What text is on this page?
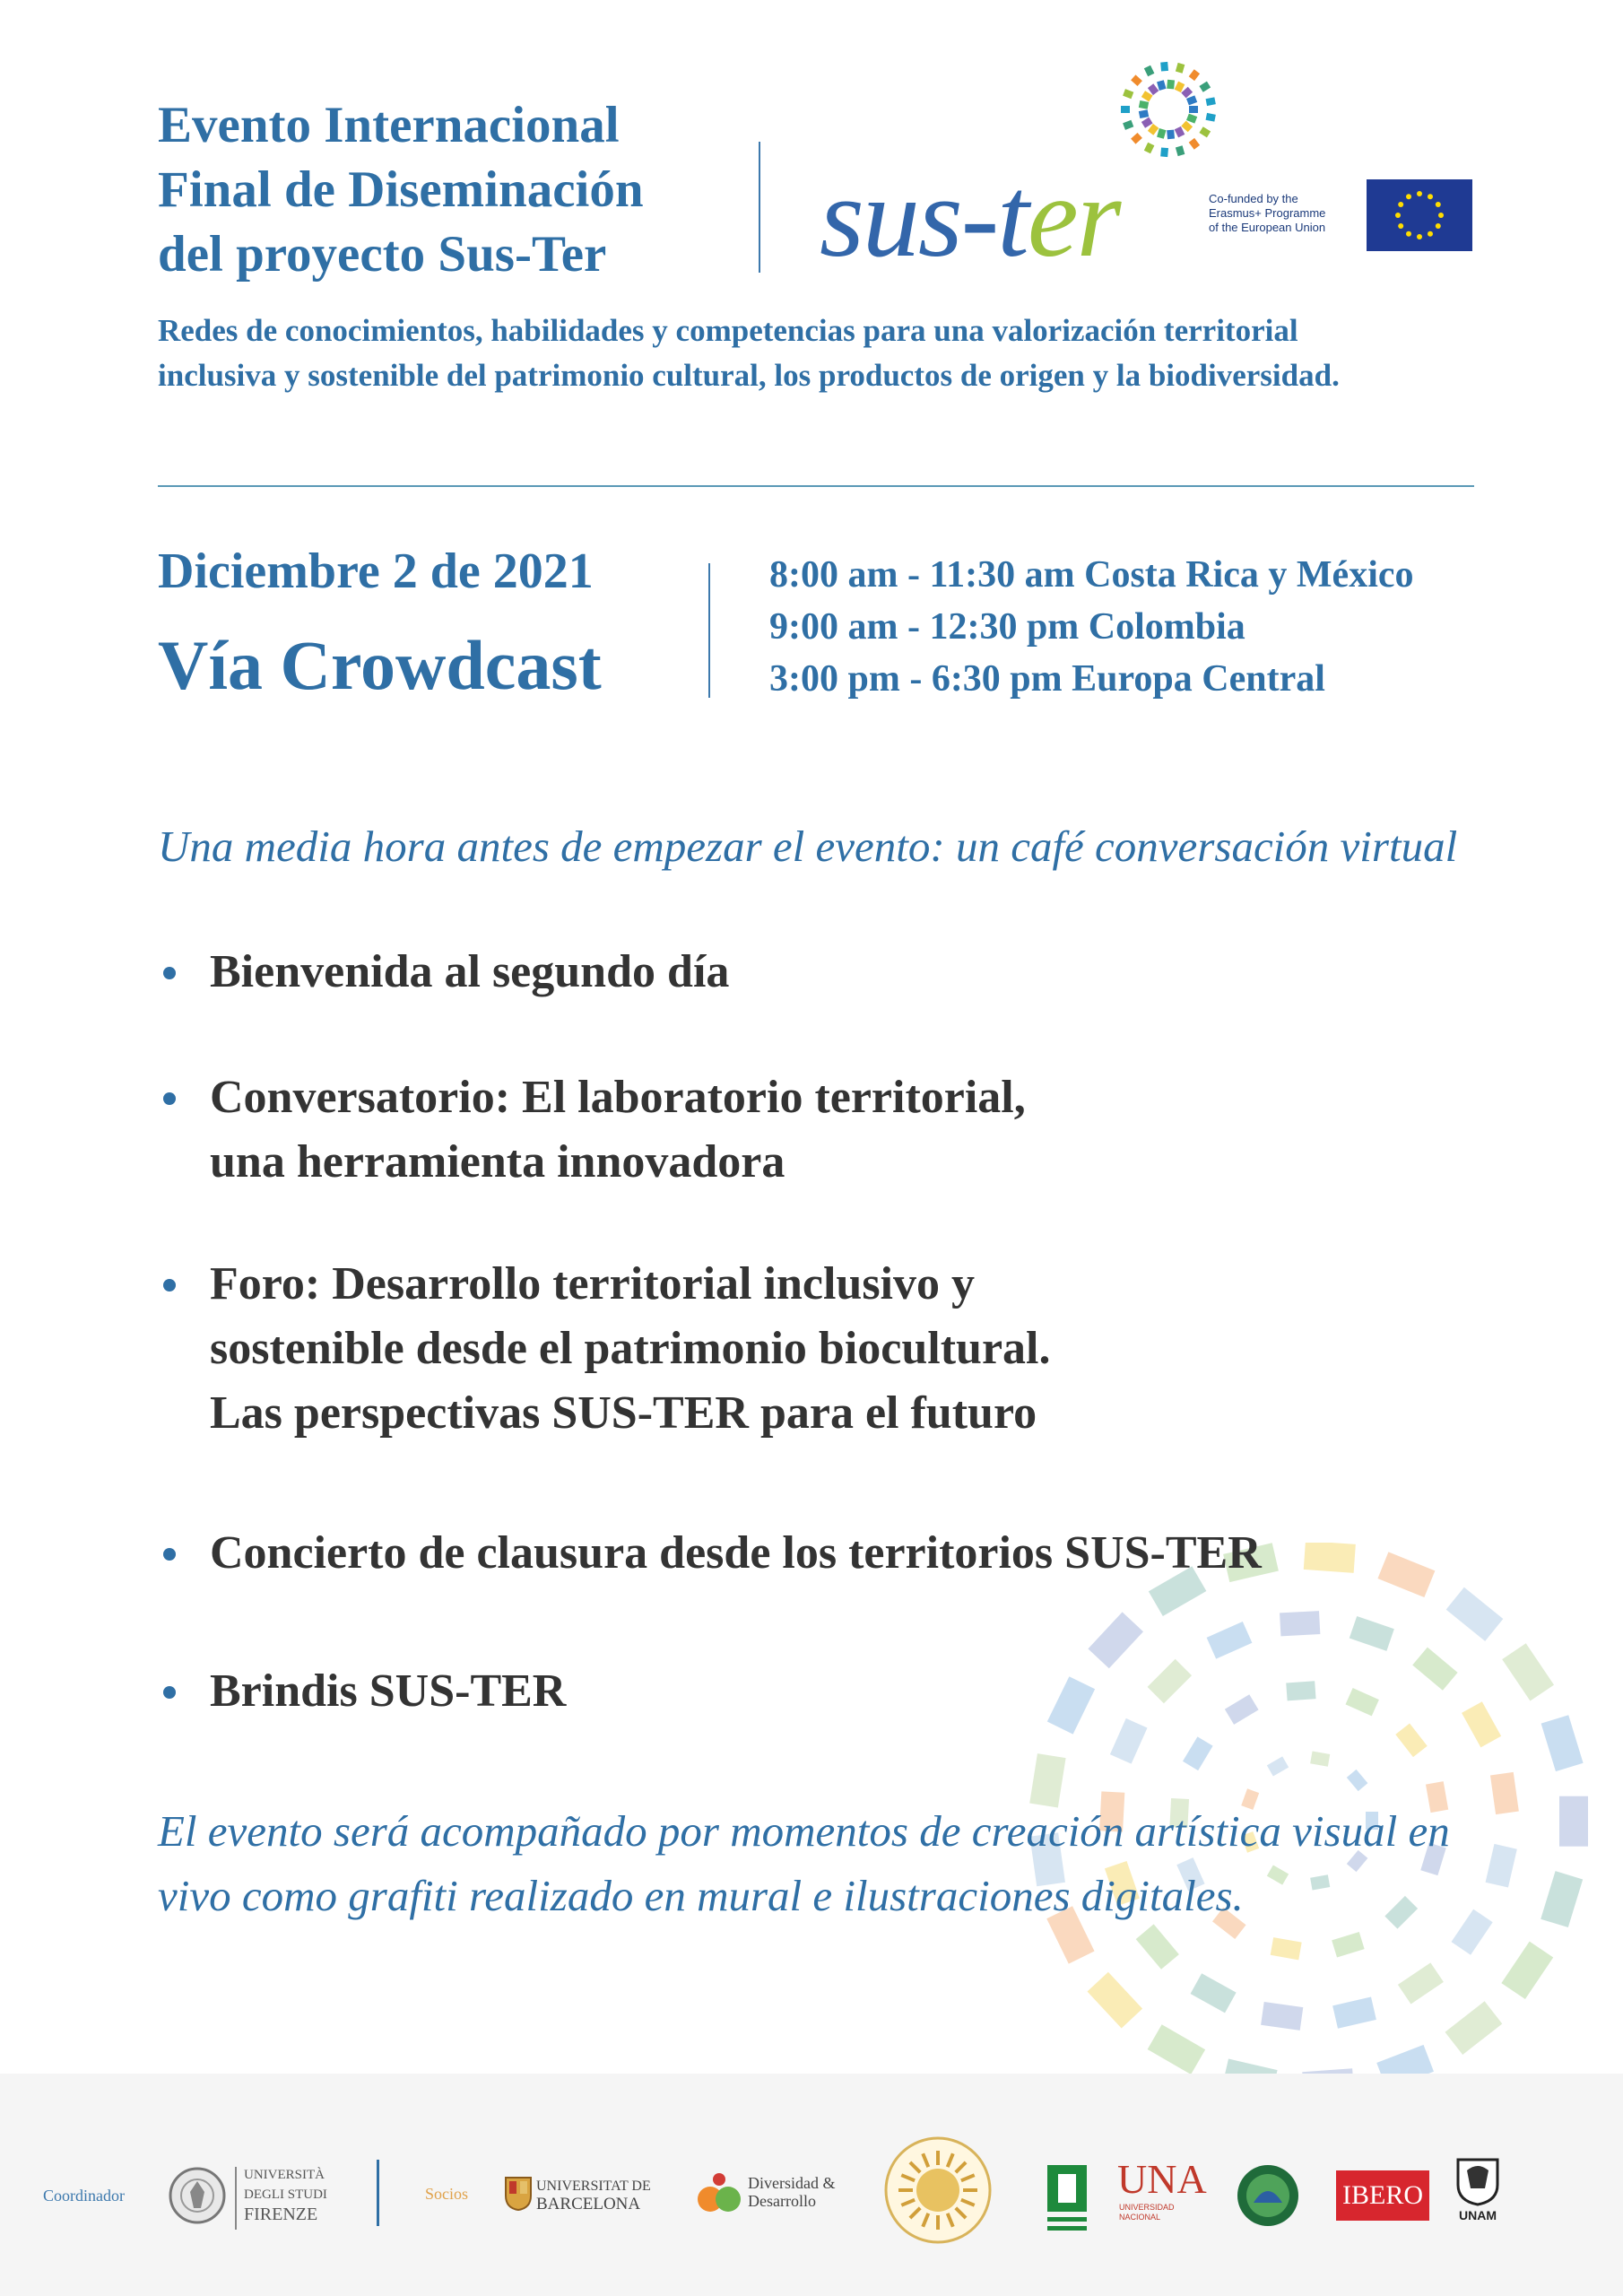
Evento Internacional
Final de Diseminación
del proyecto Sus-Ter	sus-ter	Co-funded by the
Erasmus+ Programme
of the European Union
Redes de conocimientos, habilidades y competencias para una valorización territorial
inclusiva y sostenible del patrimonio cultural, los productos de origen y la biodiversidad.
Diciembre 2 de 2021
Vía Crowdcast
8:00 am - 11:30 am Costa Rica y México
9:00 am - 12:30 pm Colombia
3:00 pm - 6:30 pm Europa Central
Una media hora antes de empezar el evento: un café conversación virtual
Bienvenida al segundo día
Conversatorio: El laboratorio territorial,
una herramienta innovadora
Foro: Desarrollo territorial inclusivo y
sostenible desde el patrimonio biocultural.
Las perspectivas SUS-TER para el futuro
Concierto de clausura desde los territorios SUS-TER
Brindis SUS-TER
El evento será acompañado por momentos de creación artística visual en
vivo como grafiti realizado en mural e ilustraciones digitales.
Coordinador
UNIVERSITÀ
DEGLI STUDI
FIRENZE
Socios	UNIVERSITAT DE
BARCELONA
Diversidad &
Desarrollo	UNA
UNIVERSIDAD NACIONAL
IBERO
UNAM
